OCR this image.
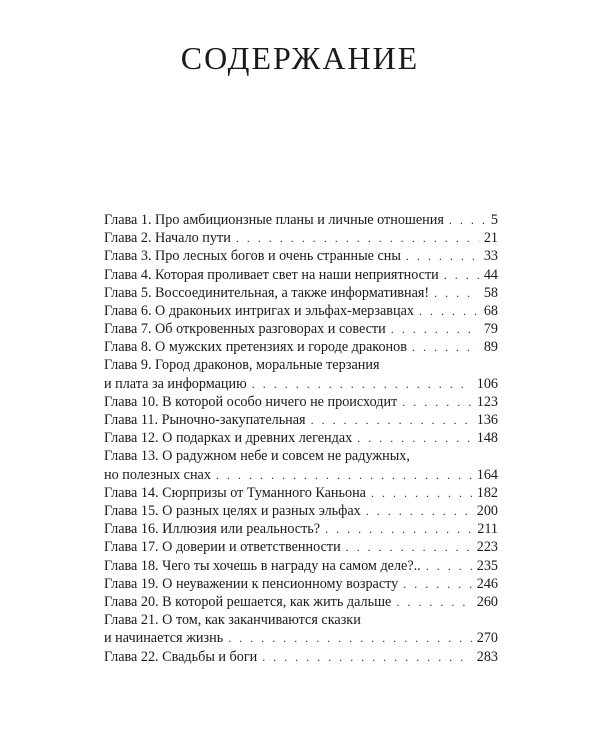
СОДЕРЖАНИЕ
Глава 1. Про амбиционзные планы и личные отношения . . .	5
Глава 2. Начало пути . . .	21
Глава 3. Про лесных богов и очень странные сны . . .	33
Глава 4. Которая проливает свет на наши неприятности . . .	44
Глава 5. Воссоединительная, а также информативная! . . .	58
Глава 6. О драконьих интригах и эльфах-мерзавцах . . .	68
Глава 7. Об откровенных разговорах и совести . . .	79
Глава 8. О мужских претензиях и городе драконов . . .	89
Глава 9. Город драконов, моральные терзания
и плата за информацию . . .	106
Глава 10. В которой особо ничего не происходит . . .	123
Глава 11. Рыночно-закупательная . . .	136
Глава 12. О подарках и древних легендах . . .	148
Глава 13. О радужном небе и совсем не радужных,
но полезных снах . . .	164
Глава 14. Сюрпризы от Туманного Каньона . . .	182
Глава 15. О разных целях и разных эльфах . . .	200
Глава 16. Иллюзия или реальность? . . .	211
Глава 17. О доверии и ответственности . . .	223
Глава 18. Чего ты хочешь в награду на самом деле?.. . . .	235
Глава 19. О неуважении к пенсионному возрасту . . .	246
Глава 20. В которой решается, как жить дальше . . .	260
Глава 21. О том, как заканчиваются сказки
и начинается жизнь . . .	270
Глава 22. Свадьбы и боги . . .	283
